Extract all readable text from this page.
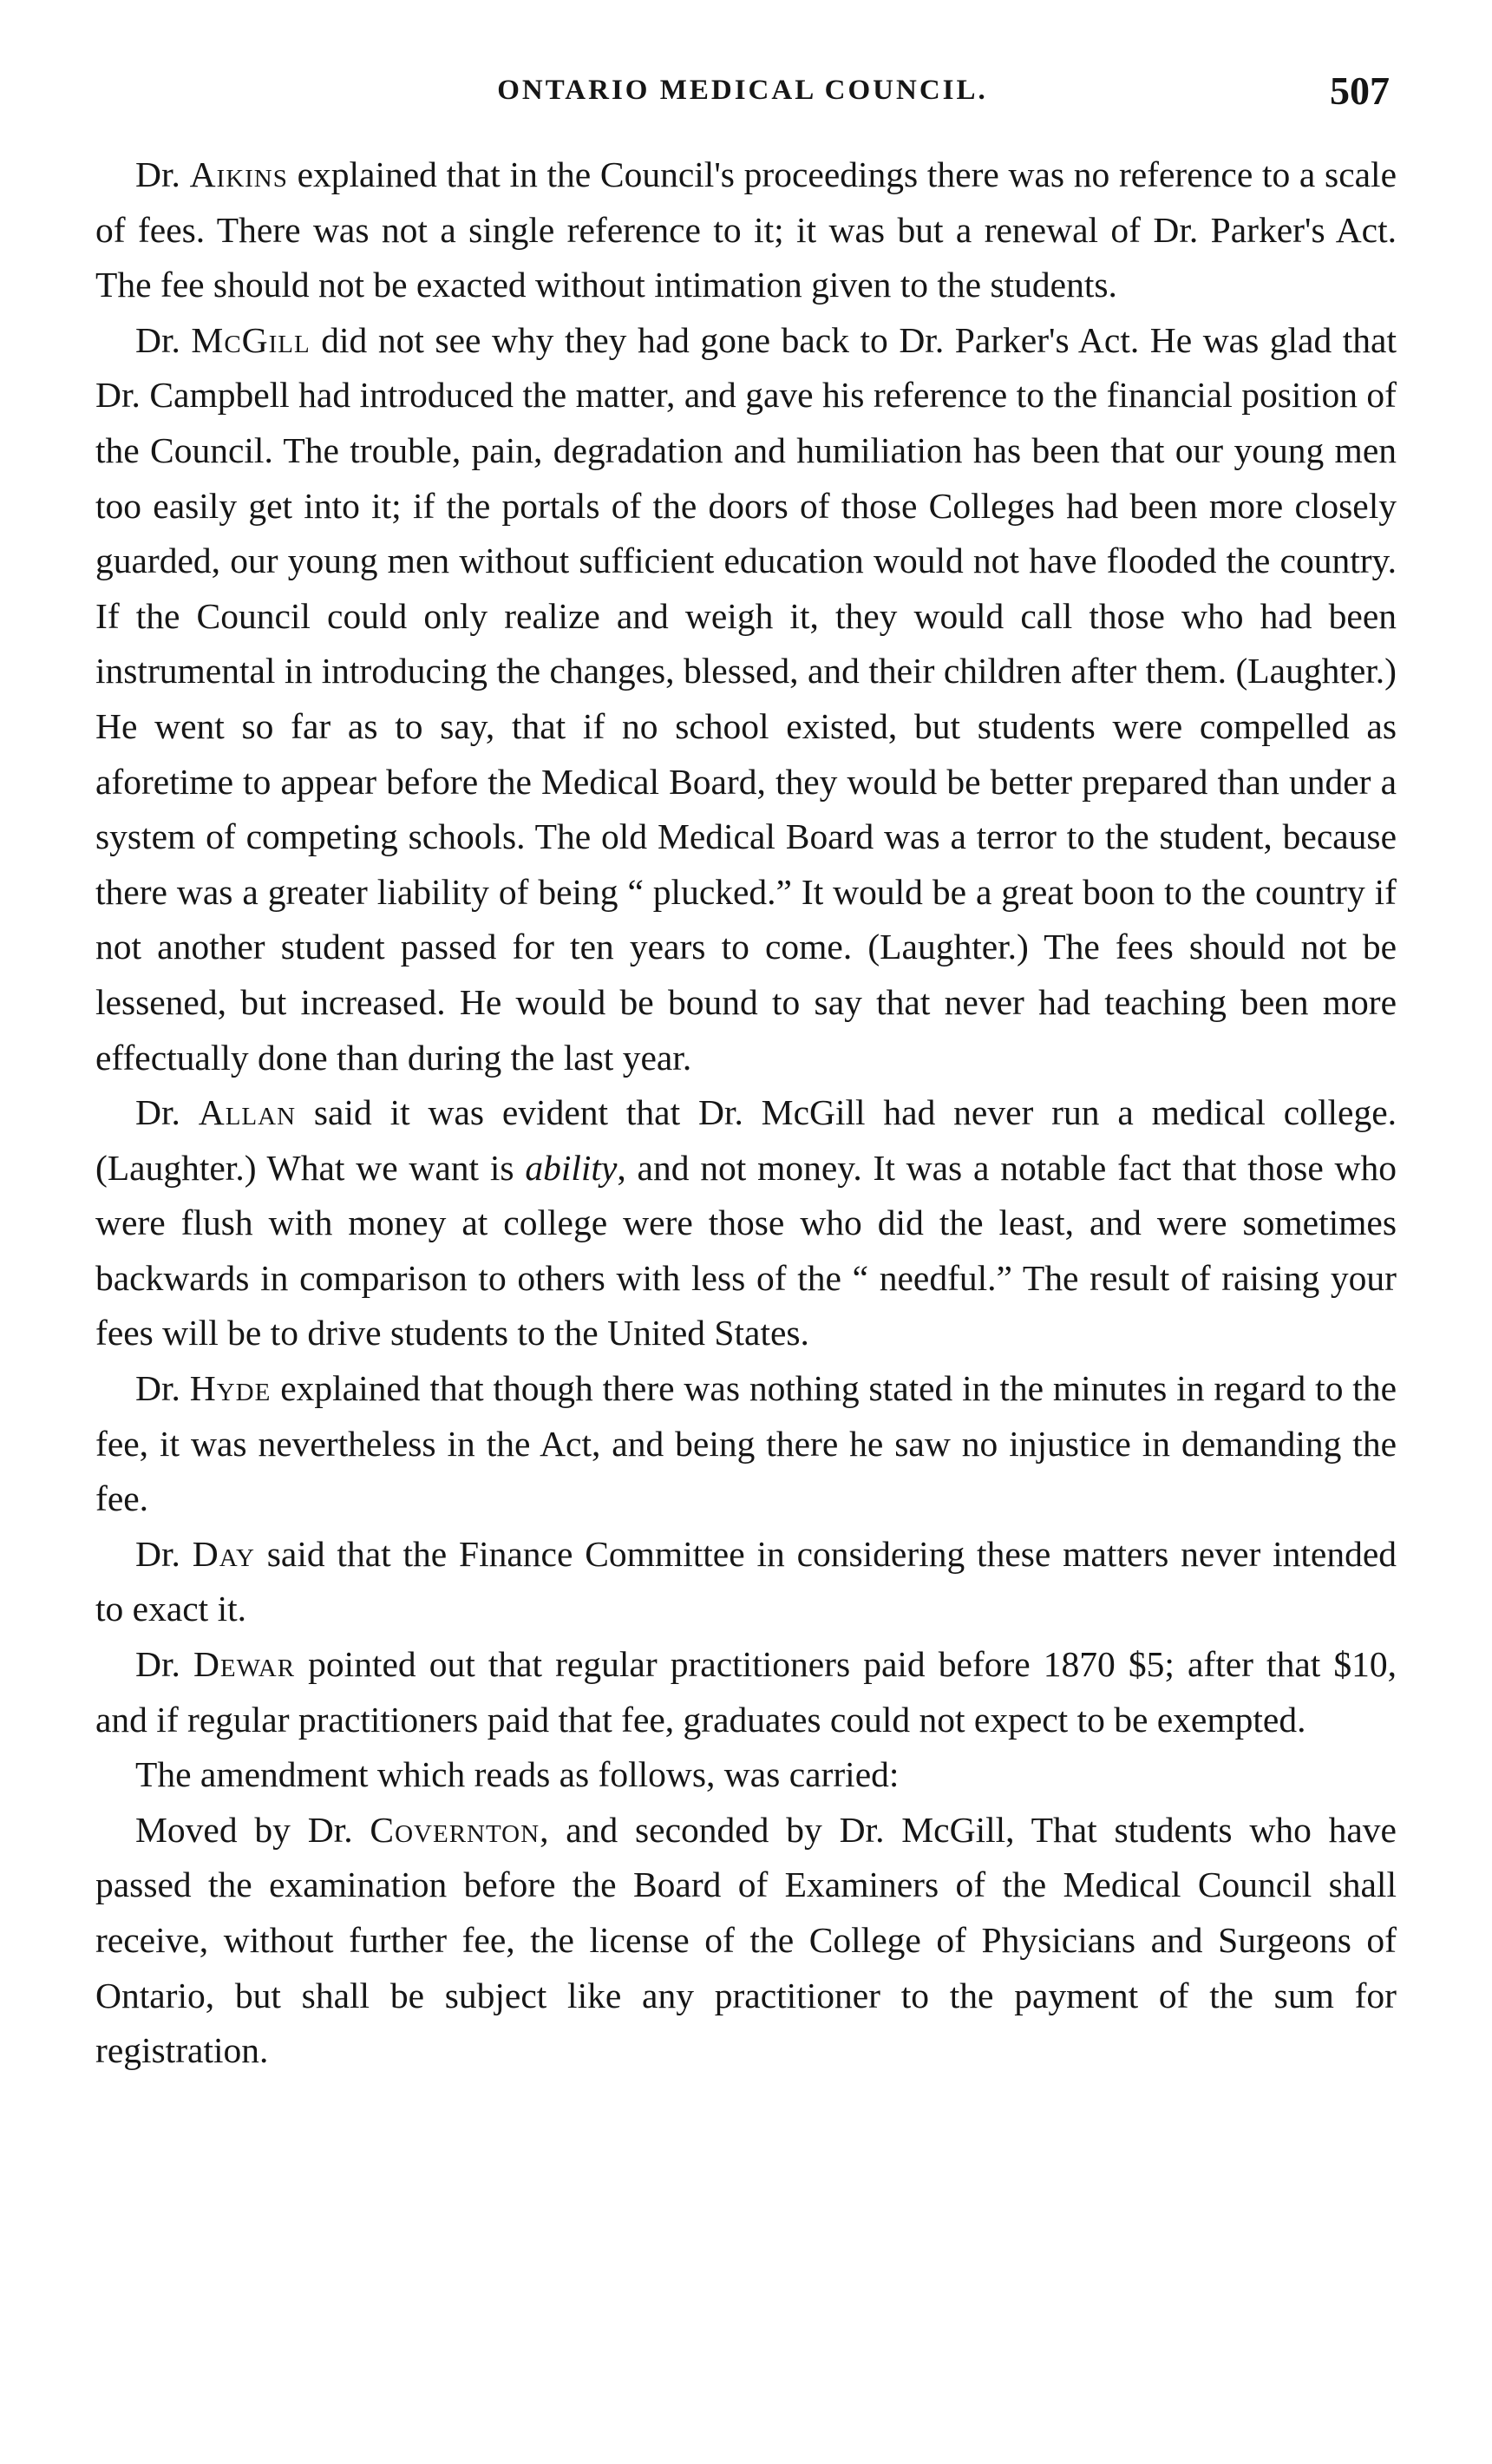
ONTARIO MEDICAL COUNCIL.	507

Dr. Aikins explained that in the Council's proceedings there was no reference to a scale of fees. There was not a single reference to it; it was but a renewal of Dr. Parker's Act. The fee should not be exacted without intimation given to the students.

Dr. McGill did not see why they had gone back to Dr. Parker's Act. He was glad that Dr. Campbell had introduced the matter, and gave his reference to the financial position of the Council. The trouble, pain, degradation and humiliation has been that our young men too easily get into it; if the portals of the doors of those Colleges had been more closely guarded, our young men without sufficient education would not have flooded the country. If the Council could only realize and weigh it, they would call those who had been instrumental in introducing the changes, blessed, and their children after them. (Laughter.) He went so far as to say, that if no school existed, but students were compelled as aforetime to appear before the Medical Board, they would be better prepared than under a system of competing schools. The old Medical Board was a terror to the student, because there was a greater liability of being “ plucked.” It would be a great boon to the country if not another student passed for ten years to come. (Laughter.) The fees should not be lessened, but increased. He would be bound to say that never had teaching been more effectually done than during the last year.

Dr. Allan said it was evident that Dr. McGill had never run a medical college. (Laughter.) What we want is ability, and not money. It was a notable fact that those who were flush with money at college were those who did the least, and were sometimes backwards in comparison to others with less of the “ needful.” The result of raising your fees will be to drive students to the United States.

Dr. Hyde explained that though there was nothing stated in the minutes in regard to the fee, it was nevertheless in the Act, and being there he saw no injustice in demanding the fee.

Dr. Day said that the Finance Committee in considering these matters never intended to exact it.

Dr. Dewar pointed out that regular practitioners paid before 1870 $5; after that $10, and if regular practitioners paid that fee, graduates could not expect to be exempted.

The amendment which reads as follows, was carried:

Moved by Dr. Covernton, and seconded by Dr. McGill, That students who have passed the examination before the Board of Examiners of the Medical Council shall receive, without further fee, the license of the College of Physicians and Surgeons of Ontario, but shall be subject like any practitioner to the payment of the sum for registration.
